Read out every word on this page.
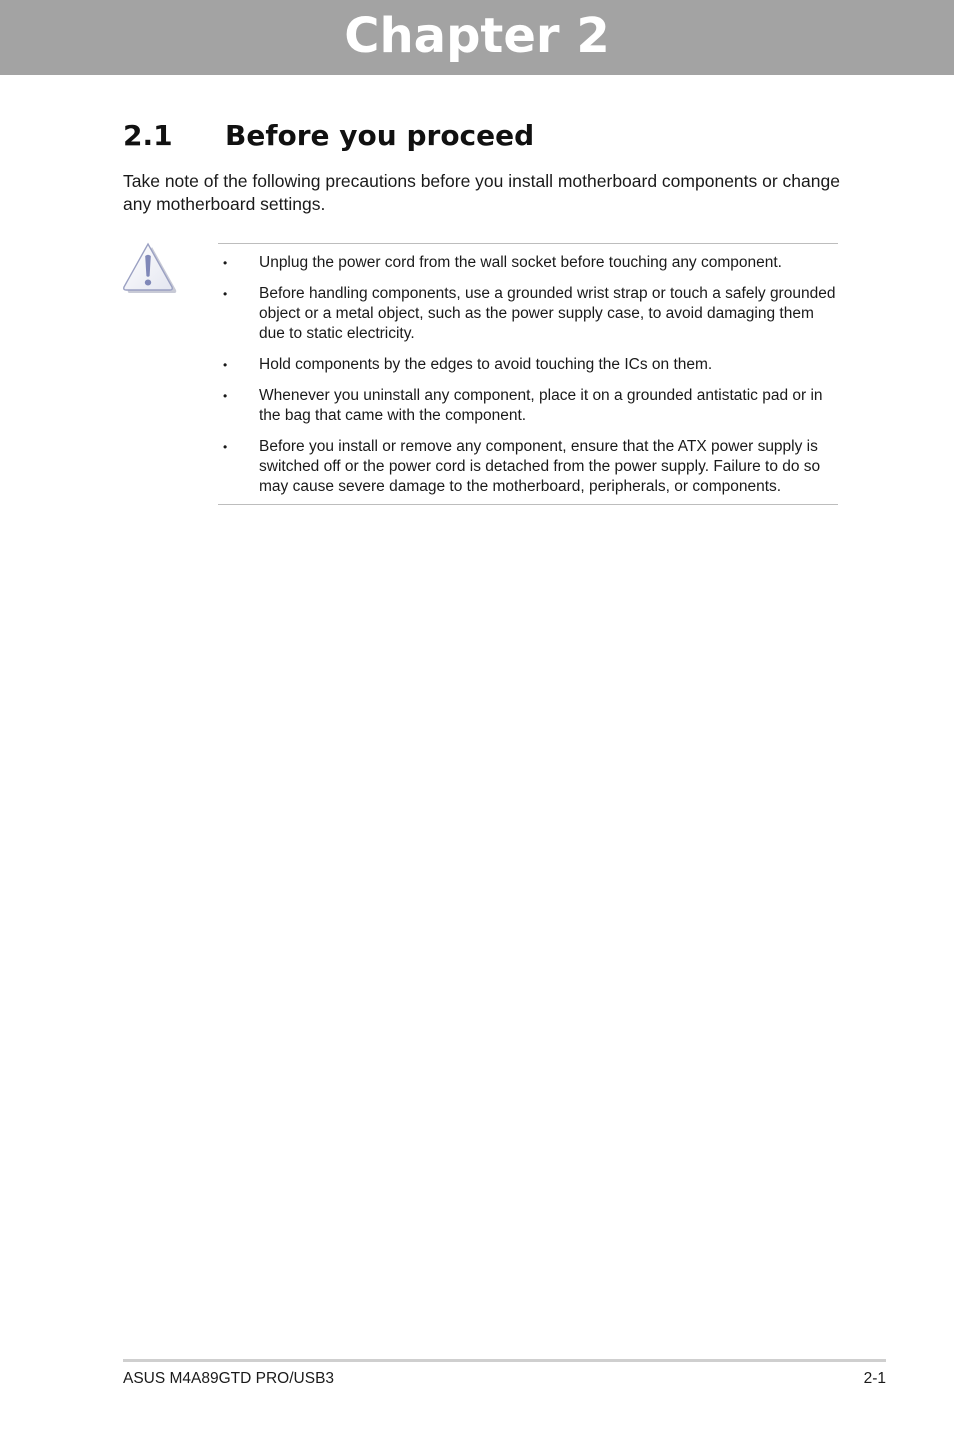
Chapter 2
2.1	Before you proceed
Take note of the following precautions before you install motherboard components or change any motherboard settings.
• Unplug the power cord from the wall socket before touching any component.
• Before handling components, use a grounded wrist strap or touch a safely grounded object or a metal object, such as the power supply case, to avoid damaging them due to static electricity.
• Hold components by the edges to avoid touching the ICs on them.
• Whenever you uninstall any component, place it on a grounded antistatic pad or in the bag that came with the component.
• Before you install or remove any component, ensure that the ATX power supply is switched off or the power cord is detached from the power supply. Failure to do so may cause severe damage to the motherboard, peripherals, or components.
ASUS M4A89GTD PRO/USB3	2-1
